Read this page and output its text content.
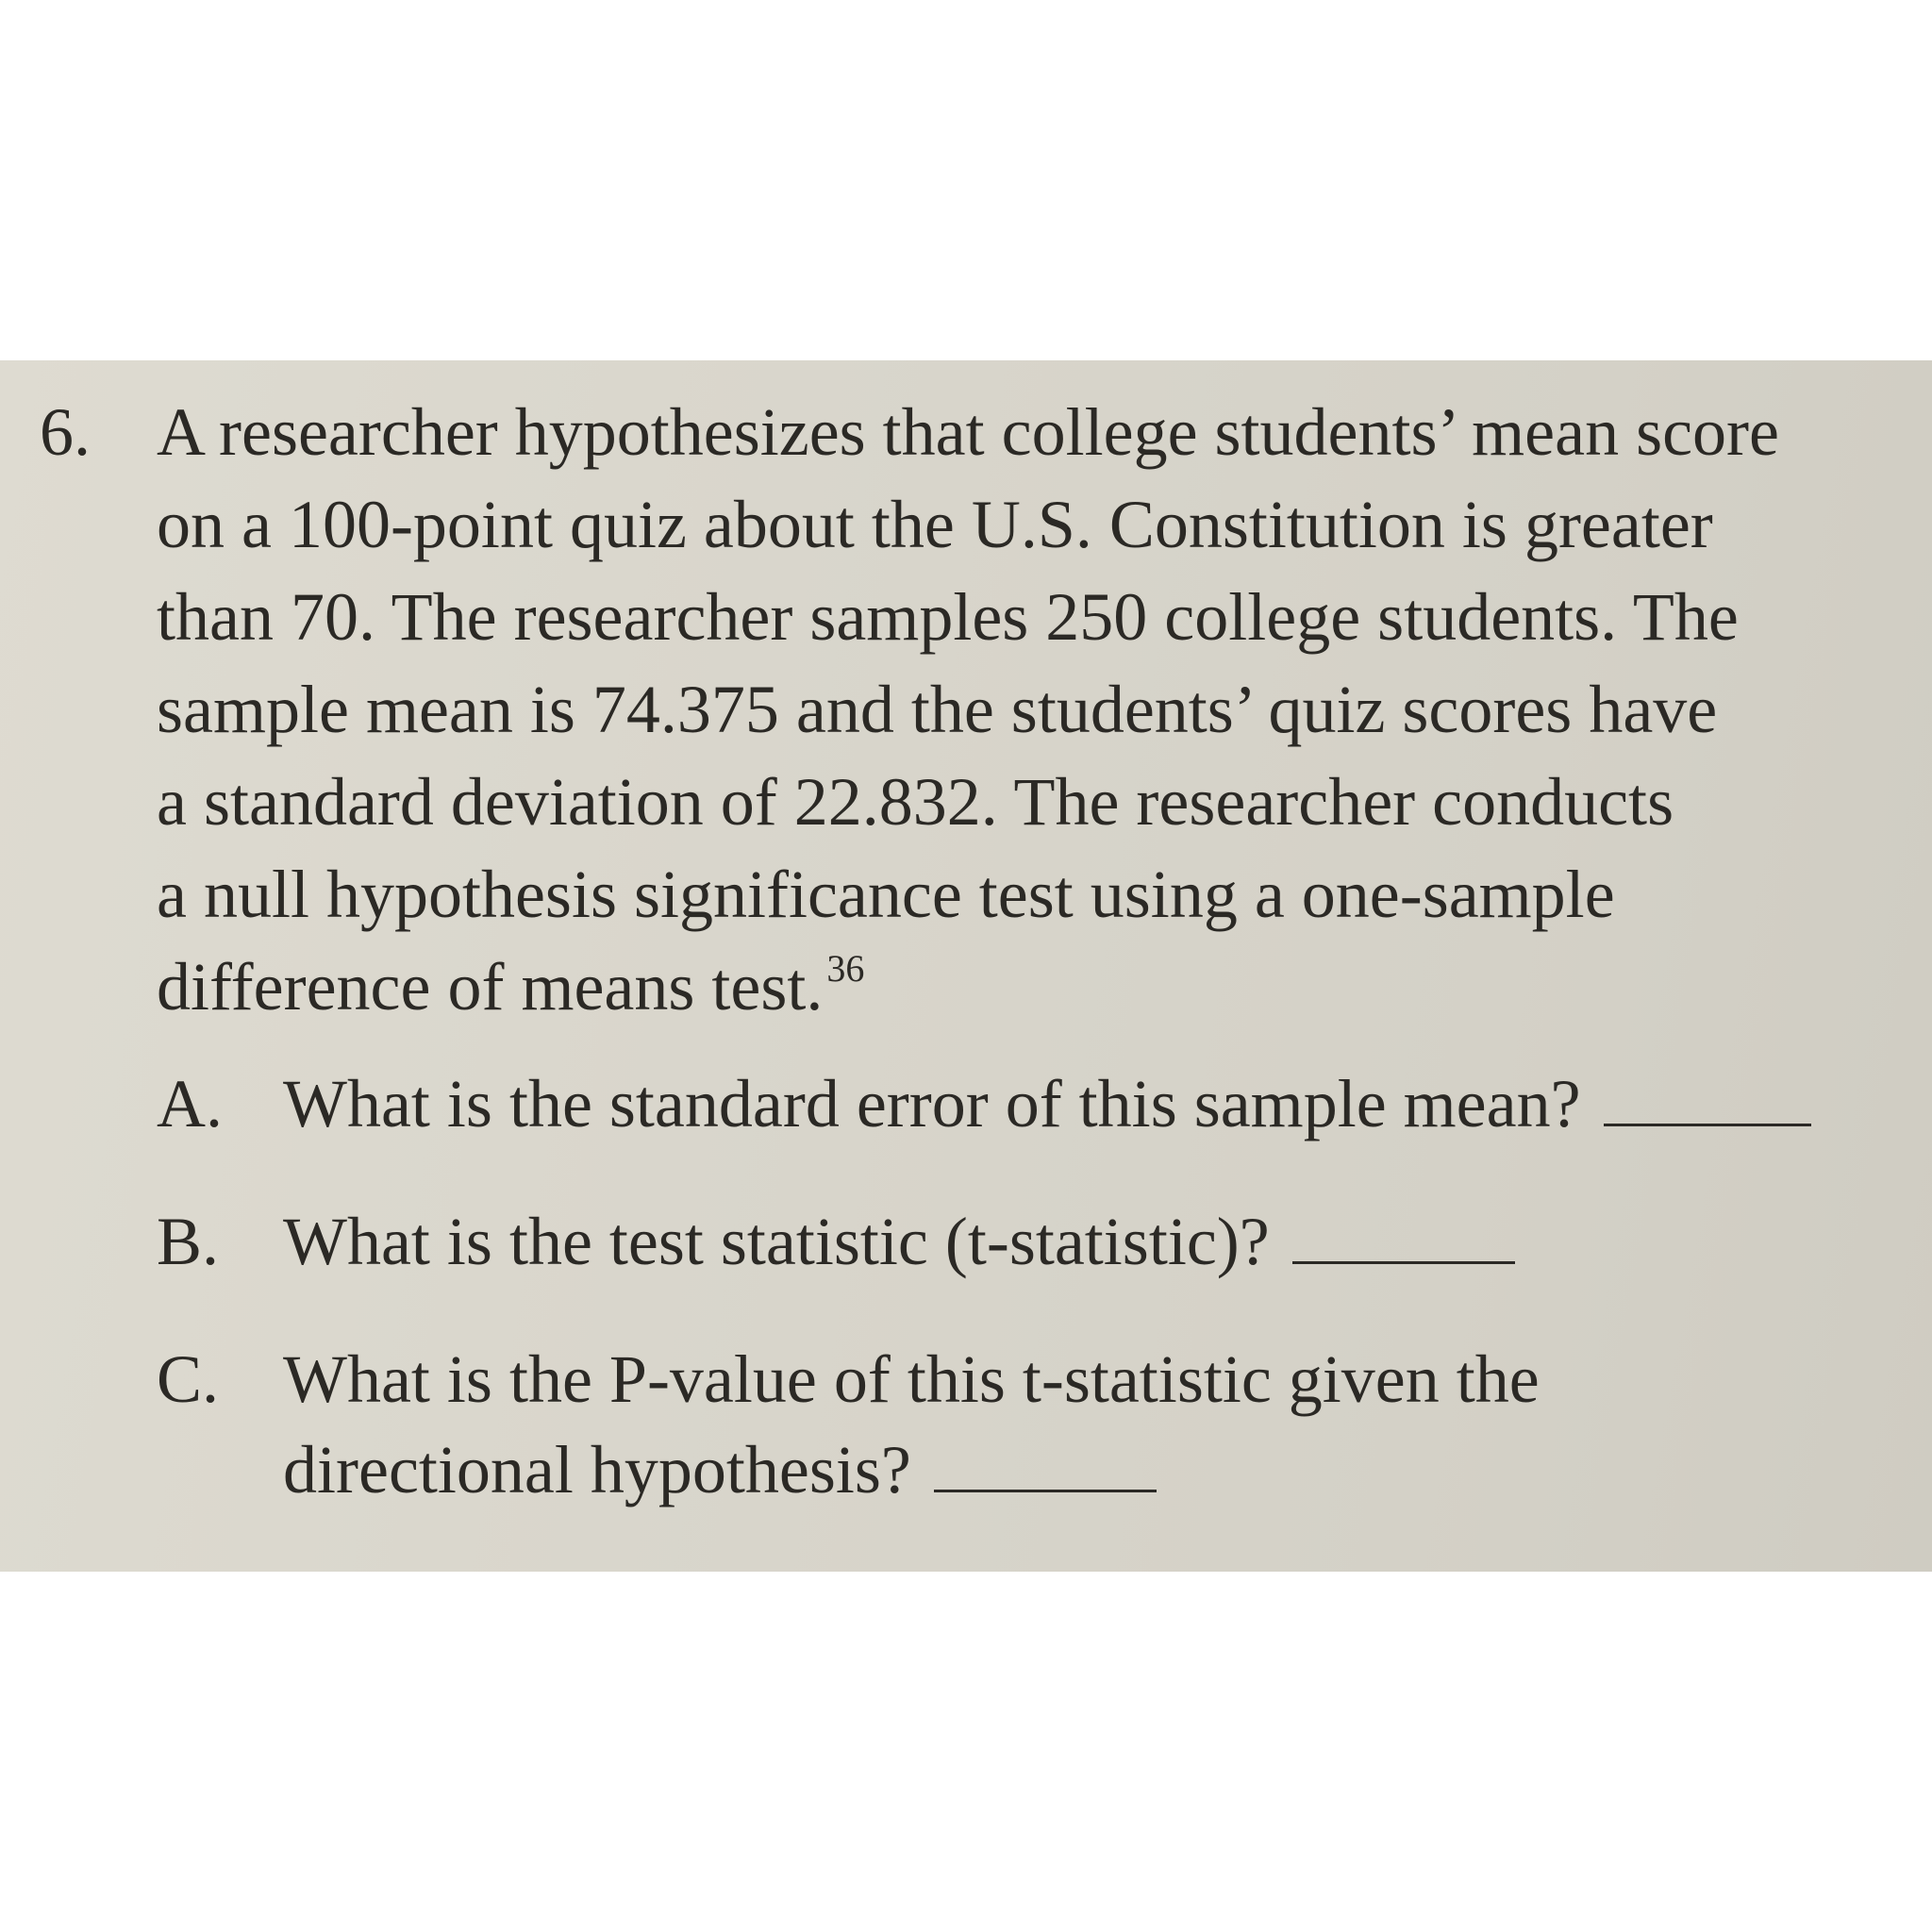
6. A researcher hypothesizes that college students’ mean score
on a 100-point quiz about the U.S. Constitution is greater
than 70. The researcher samples 250 college students. The
sample mean is 74.375 and the students’ quiz scores have
a standard deviation of 22.832. The researcher conducts
a null hypothesis significance test using a one-sample
difference of means test. $^{36}$
A. What is the standard error of this sample mean?
B. What is the test statistic (t-statistic)?
C. What is the P-value of this t-statistic given the
directional hypothesis?
